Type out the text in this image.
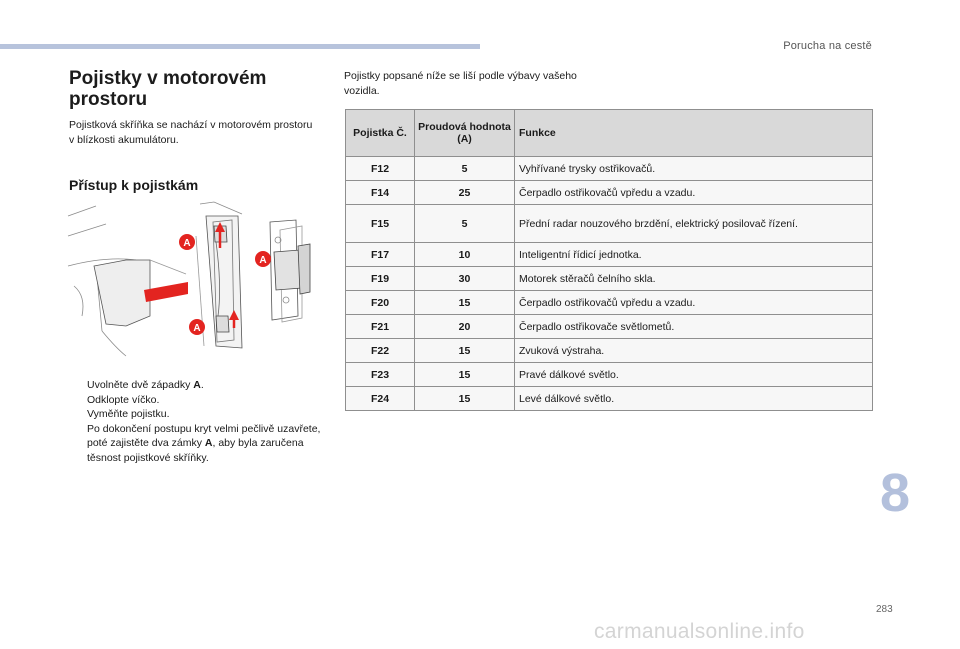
Porucha na cestě
Pojistky v motorovém prostoru
Pojistková skříňka se nachází v motorovém prostoru v blízkosti akumulátoru.
Přístup k pojistkám
A
A
A
Uvolněte dvě západky A.
Odklopte víčko.
Vyměňte pojistku.
Po dokončení postupu kryt velmi pečlivě uzavřete, poté zajistěte dva zámky A, aby byla zaručena těsnost pojistkové skříňky.
Pojistky popsané níže se liší podle výbavy vašeho vozidla.
Pojistka Č.	Proudová hodnota (A)	Funkce
F12	5	Vyhřívané trysky ostřikovačů.
F14	25	Čerpadlo ostřikovačů vpředu a vzadu.
F15	5	Přední radar nouzového brzdění, elektrický posilovač řízení.
F17	10	Inteligentní řídicí jednotka.
F19	30	Motorek stěračů čelního skla.
F20	15	Čerpadlo ostřikovačů vpředu a vzadu.
F21	20	Čerpadlo ostřikovače světlometů.
F22	15	Zvuková výstraha.
F23	15	Pravé dálkové světlo.
F24	15	Levé dálkové světlo.
8
283
carmanualsonline.info
